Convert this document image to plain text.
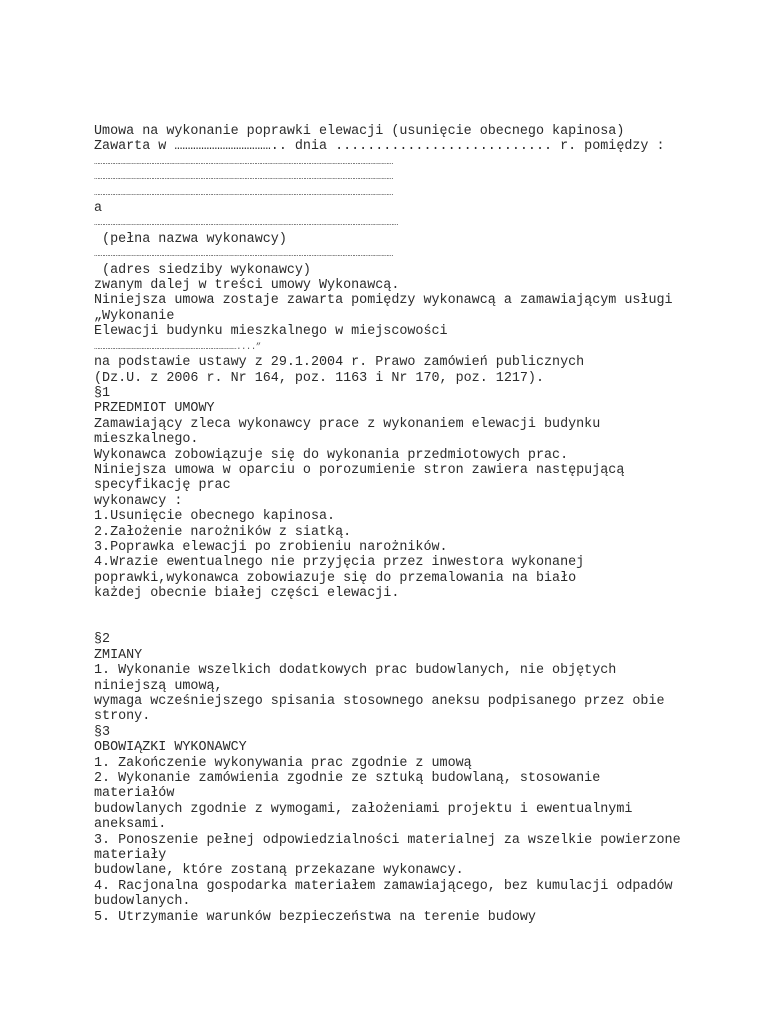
Umowa na wykonanie poprawki elewacji (usunięcie obecnego kapinosa)
Zawarta w ……………………………….. dnia ........................... r. pomiędzy :
…………………………………………………………………………………………………………………………………………………………………
…………………………………………………………………………………………………………………………………………………………………
…………………………………………………………………………………………………………………………………………………………………
a
……………………………………………………………………………………………………………………………………………………………………
(pełna nazwa wykonawcy)
…………………………………………………………………………………………………………………………………………………………………
(adres siedziby wykonawcy)
zwanym dalej w treści umowy Wykonawcą.
Niniejsza umowa zostaje zawarta pomiędzy wykonawcą a zamawiającym usługi
„Wykonanie
Elewacji budynku mieszkalnego w miejscowości
……………………………………………………………………………....”
na podstawie ustawy z 29.1.2004 r. Prawo zamówień publicznych
(Dz.U. z 2006 r. Nr 164, poz. 1163 i Nr 170, poz. 1217).
§1
PRZEDMIOT UMOWY
Zamawiający zleca wykonawcy prace z wykonaniem elewacji budynku
mieszkalnego.
Wykonawca zobowiązuje się do wykonania przedmiotowych prac.
Niniejsza umowa w oparciu o porozumienie stron zawiera następującą
specyfikację prac
wykonawcy :
1.Usunięcie obecnego kapinosa.
2.Założenie narożników z siatką.
3.Poprawka elewacji po zrobieniu narożników.
4.Wrazie ewentualnego nie przyjęcia przez inwestora wykonanej
poprawki,wykonawca zobowiazuje się do przemalowania na biało
każdej obecnie białej części elewacji.
§2
ZMIANY
1. Wykonanie wszelkich dodatkowych prac budowlanych, nie objętych
niniejszą umową,
wymaga wcześniejszego spisania stosownego aneksu podpisanego przez obie
strony.
§3
OBOWIĄZKI WYKONAWCY
1. Zakończenie wykonywania prac zgodnie z umową
2. Wykonanie zamówienia zgodnie ze sztuką budowlaną, stosowanie
materiałów
budowlanych zgodnie z wymogami, założeniami projektu i ewentualnymi
aneksami.
3. Ponoszenie pełnej odpowiedzialności materialnej za wszelkie powierzone
materiały
budowlane, które zostaną przekazane wykonawcy.
4. Racjonalna gospodarka materiałem zamawiającego, bez kumulacji odpadów
budowlanych.
5. Utrzymanie warunków bezpieczeństwa na terenie budowy
